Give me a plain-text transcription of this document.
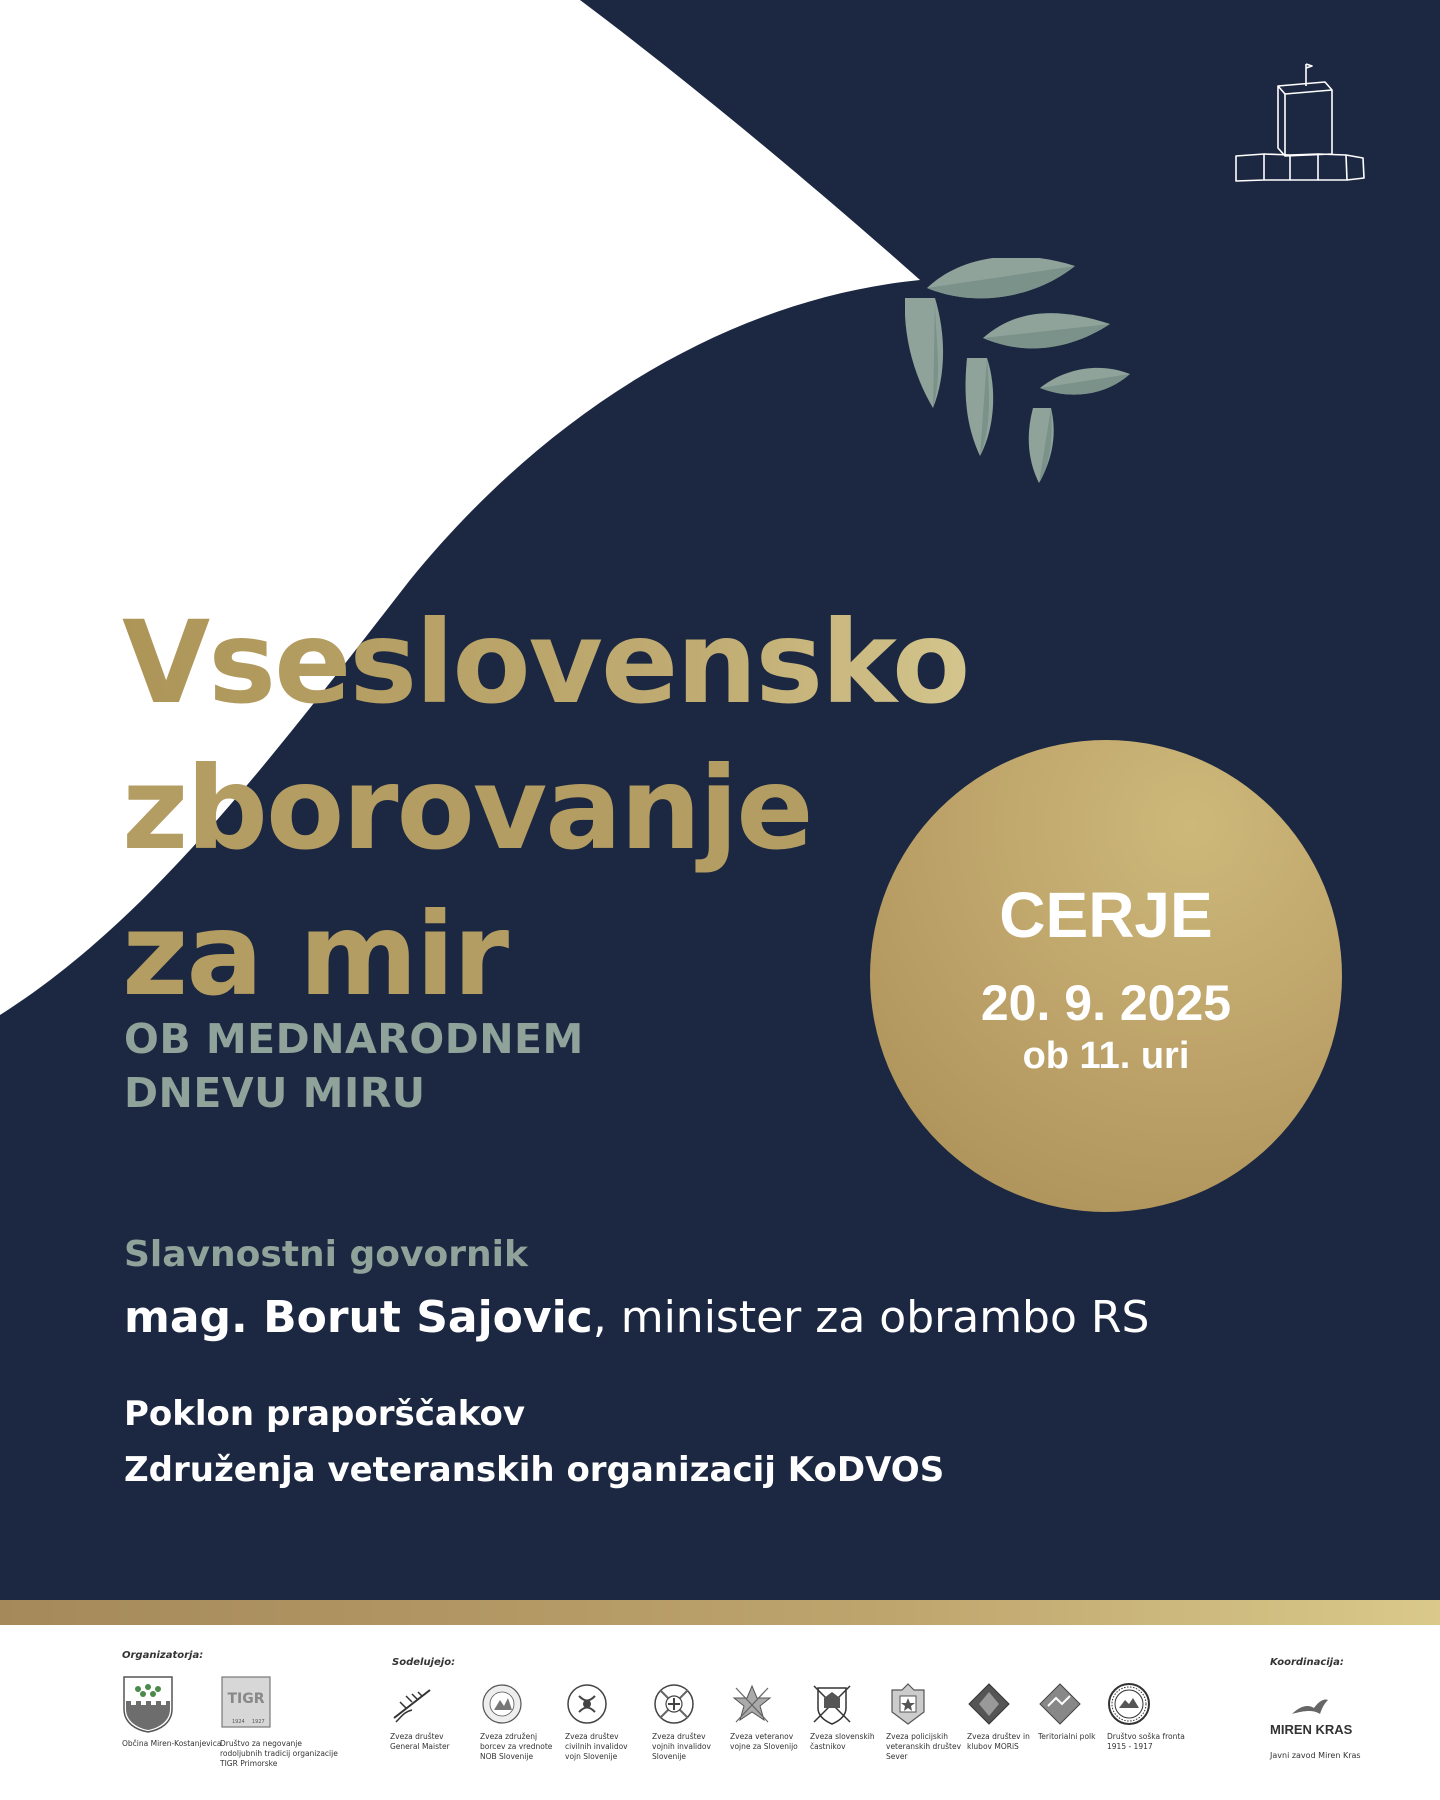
Vseslovensko
zborovanje
za mir
OB MEDNARODNEM
DNEVU MIRU
CERJE
20. 9. 2025
ob 11. uri
Slavnostni govornik
mag. Borut Sajovic, minister za obrambo RS
Poklon praporščakov
Združenja veteranskih organizacij KoDVOS
Organizatorja:
Občina Miren-Kostanjevica
TIGR
1924 1927
Društvo za negovanje rodoljubnih tradicij organizacije TIGR Primorske
Sodelujejo:
Zveza društev General Maister
Zveza združenj borcev za vrednote NOB Slovenije
Zveza društev civilnih invalidov vojn Slovenije
Zveza društev vojnih invalidov Slovenije
Zveza veteranov vojne za Slovenijo
Zveza slovenskih častnikov
Zveza policijskih veteranskih društev Sever
Zveza društev in klubov MORiS
Teritorialni polk	Društvo soška fronta 1915 - 1917
Koordinacija:
MIREN KRAS
Javni zavod Miren Kras
